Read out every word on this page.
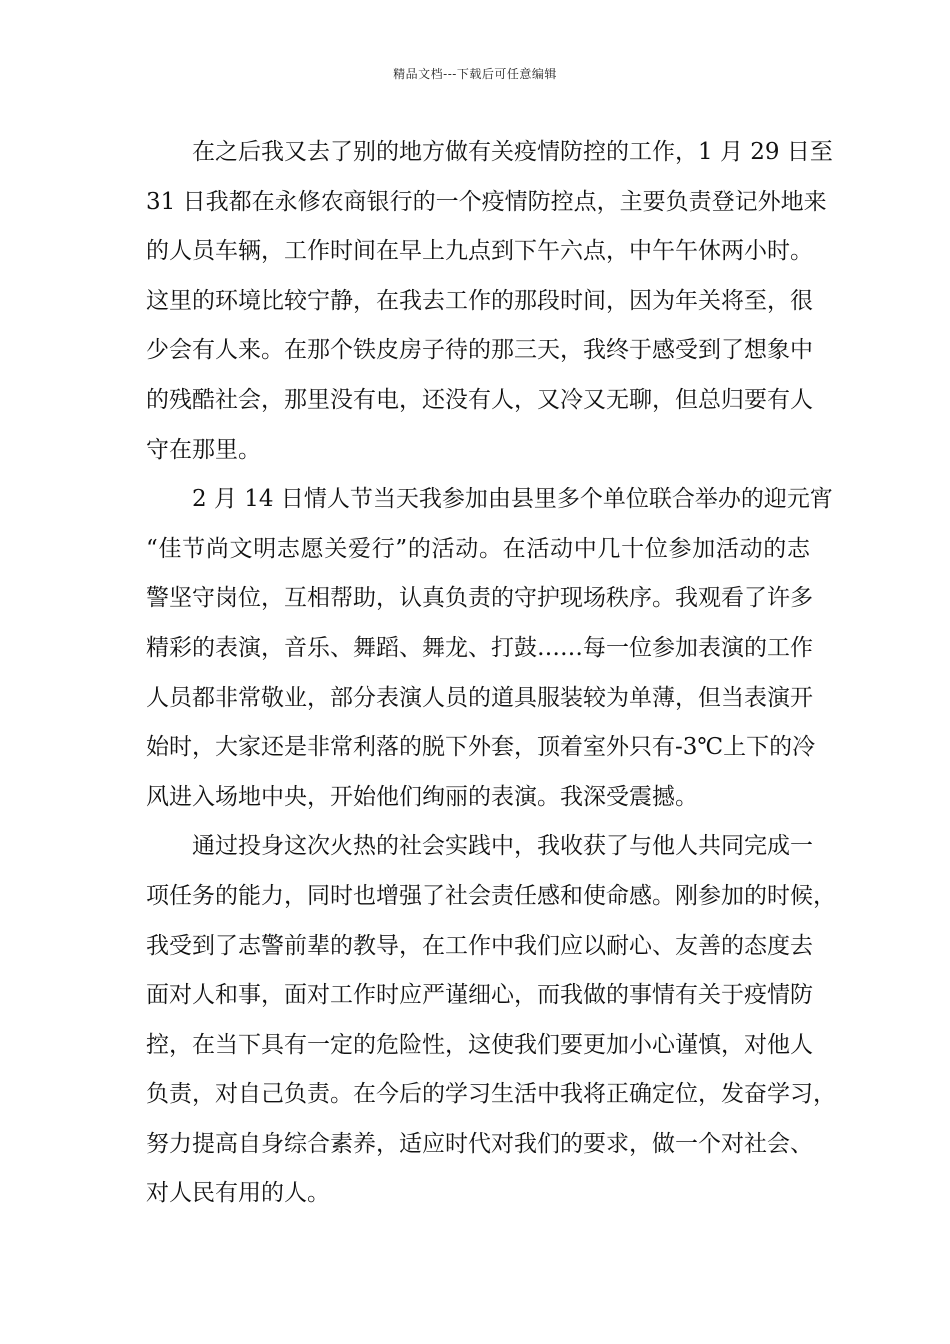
精品文档---下载后可任意编辑
在之后我又去了别的地方做有关疫情防控的工作，1 月 29 日至
31 日我都在永修农商银行的一个疫情防控点，主要负责登记外地来
的人员车辆，工作时间在早上九点到下午六点，中午午休两小时。
这里的环境比较宁静，在我去工作的那段时间，因为年关将至，很
少会有人来。在那个铁皮房子待的那三天，我终于感受到了想象中
的残酷社会，那里没有电，还没有人，又冷又无聊，但总归要有人
守在那里。
2 月 14 日情人节当天我参加由县里多个单位联合举办的迎元宵
“佳节尚文明志愿关爱行”的活动。在活动中几十位参加活动的志
警坚守岗位，互相帮助，认真负责的守护现场秩序。我观看了许多
精彩的表演，音乐、舞蹈、舞龙、打鼓……每一位参加表演的工作
人员都非常敬业，部分表演人员的道具服装较为单薄，但当表演开
始时，大家还是非常利落的脱下外套，顶着室外只有-3℃上下的冷
风进入场地中央，开始他们绚丽的表演。我深受震撼。
通过投身这次火热的社会实践中，我收获了与他人共同完成一
项任务的能力，同时也增强了社会责任感和使命感。刚参加的时候，
我受到了志警前辈的教导，在工作中我们应以耐心、友善的态度去
面对人和事，面对工作时应严谨细心，而我做的事情有关于疫情防
控，在当下具有一定的危险性，这使我们要更加小心谨慎，对他人
负责，对自己负责。在今后的学习生活中我将正确定位，发奋学习，
努力提高自身综合素养，适应时代对我们的要求，做一个对社会、
对人民有用的人。
